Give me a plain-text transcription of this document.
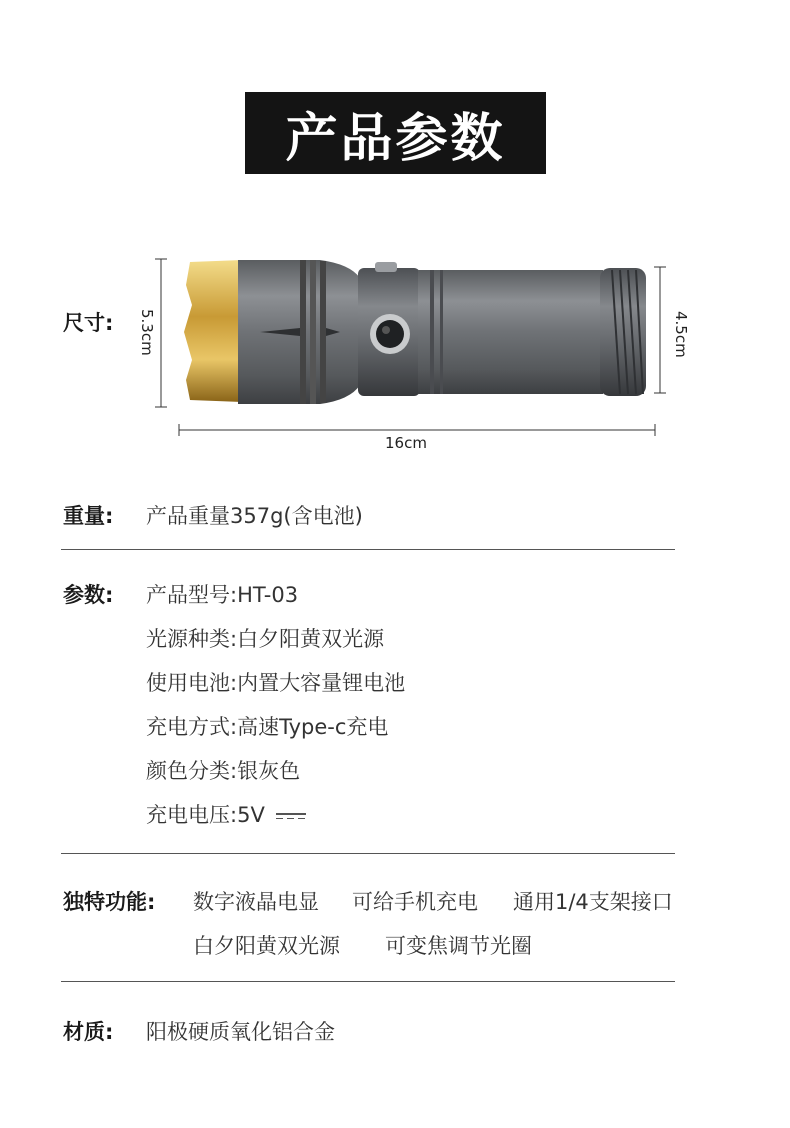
产品参数
尺寸: 5.3cm	4.5cm
16cm
重量: 产品重量357g(含电池)
参数: 产品型号:HT-03
光源种类:白夕阳黄双光源
使用电池:内置大容量锂电池
充电方式:高速Type-c充电
颜色分类:银灰色
充电电压:5V
独特功能: 数字液晶电显 可给手机充电 通用1/4支架接口
白夕阳黄双光源 可变焦调节光圈
材质: 阳极硬质氧化铝合金
